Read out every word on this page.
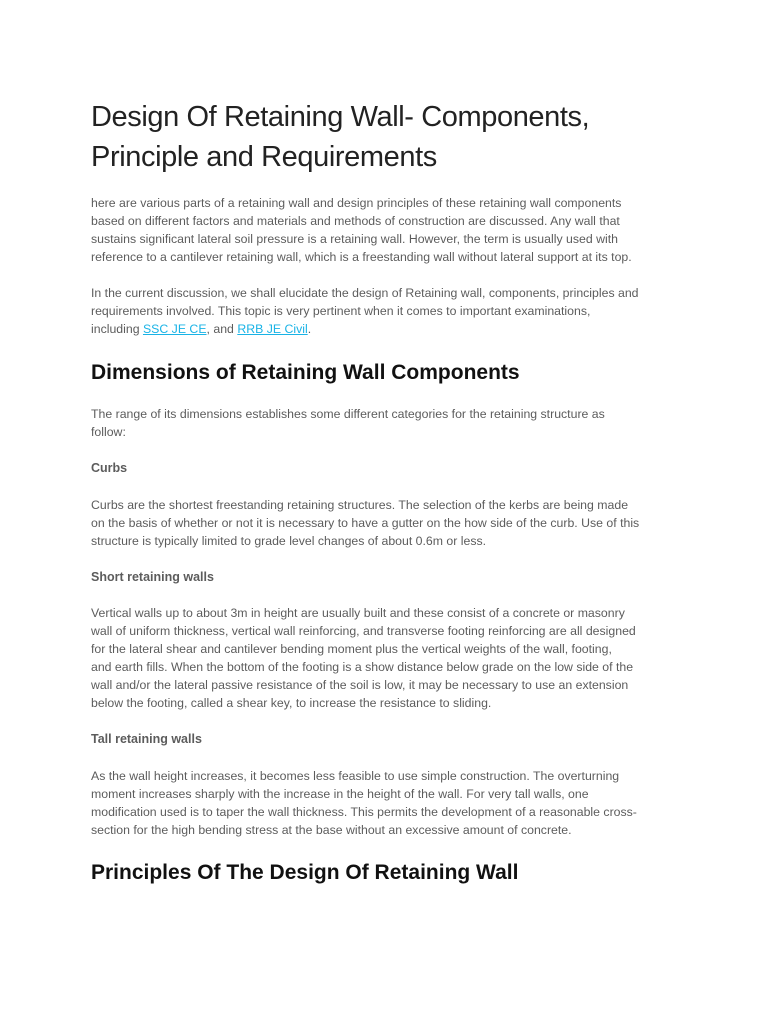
Design Of Retaining Wall- Components,
Principle and Requirements
here are various parts of a retaining wall and design principles of these retaining wall components
based on different factors and materials and methods of construction are discussed. Any wall that
sustains significant lateral soil pressure is a retaining wall. However, the term is usually used with
reference to a cantilever retaining wall, which is a freestanding wall without lateral support at its top.
In the current discussion, we shall elucidate the design of Retaining wall, components, principles and
requirements involved. This topic is very pertinent when it comes to important examinations,
including SSC JE CE, and RRB JE Civil.
Dimensions of Retaining Wall Components
The range of its dimensions establishes some different categories for the retaining structure as
follow:
Curbs
Curbs are the shortest freestanding retaining structures. The selection of the kerbs are being made
on the basis of whether or not it is necessary to have a gutter on the how side of the curb. Use of this
structure is typically limited to grade level changes of about 0.6m or less.
Short retaining walls
Vertical walls up to about 3m in height are usually built and these consist of a concrete or masonry
wall of uniform thickness, vertical wall reinforcing, and transverse footing reinforcing are all designed
for the lateral shear and cantilever bending moment plus the vertical weights of the wall, footing,
and earth fills. When the bottom of the footing is a show distance below grade on the low side of the
wall and/or the lateral passive resistance of the soil is low, it may be necessary to use an extension
below the footing, called a shear key, to increase the resistance to sliding.
Tall retaining walls
As the wall height increases, it becomes less feasible to use simple construction. The overturning
moment increases sharply with the increase in the height of the wall. For very tall walls, one
modification used is to taper the wall thickness. This permits the development of a reasonable cross-
section for the high bending stress at the base without an excessive amount of concrete.
Principles Of The Design Of Retaining Wall
